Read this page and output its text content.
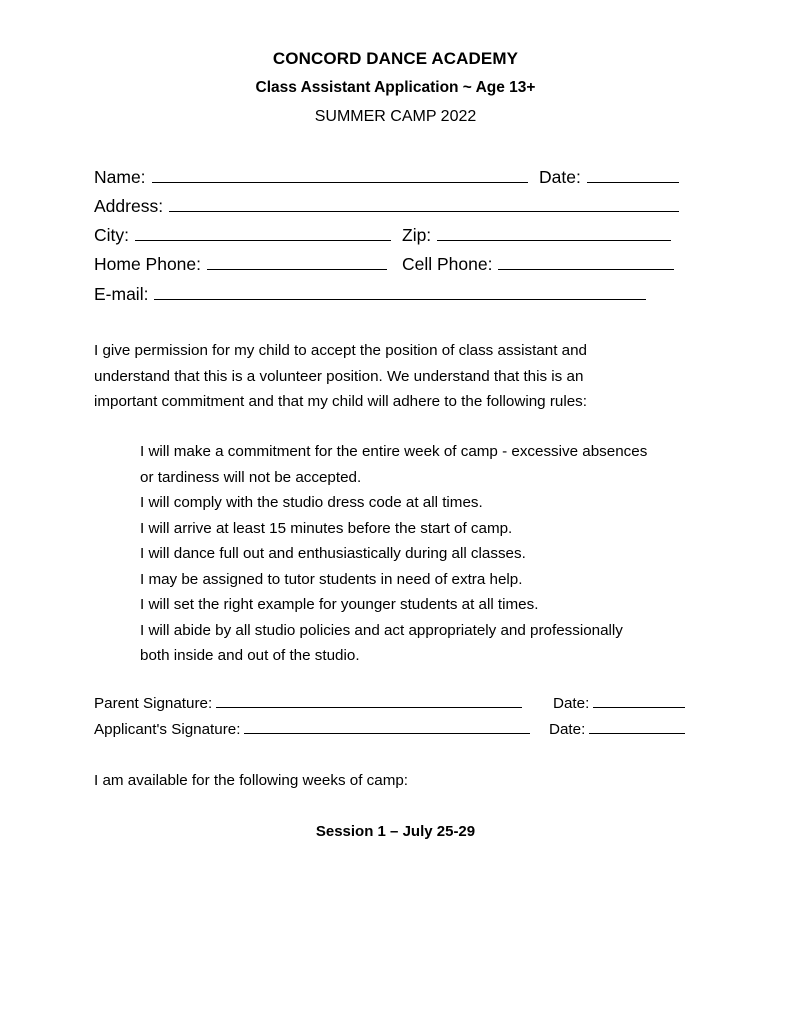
CONCORD DANCE ACADEMY
Class Assistant Application ~ Age 13+
SUMMER CAMP 2022
Name:	Date:
Address:
City:	Zip:
Home Phone:	Cell Phone:
E-mail:
I give permission for my child to accept the position of class assistant and
understand that this is a volunteer position. We understand that this is an
important commitment and that my child will adhere to the following rules:
I will make a commitment for the entire week of camp - excessive absences
or tardiness will not be accepted.
I will comply with the studio dress code at all times.
I will arrive at least 15 minutes before the start of camp.
I will dance full out and enthusiastically during all classes.
I may be assigned to tutor students in need of extra help.
I will set the right example for younger students at all times.
I will abide by all studio policies and act appropriately and professionally
both inside and out of the studio.
Parent Signature:	Date:
Applicant's Signature:	Date:
I am available for the following weeks of camp:
Session 1 – July 25-29
